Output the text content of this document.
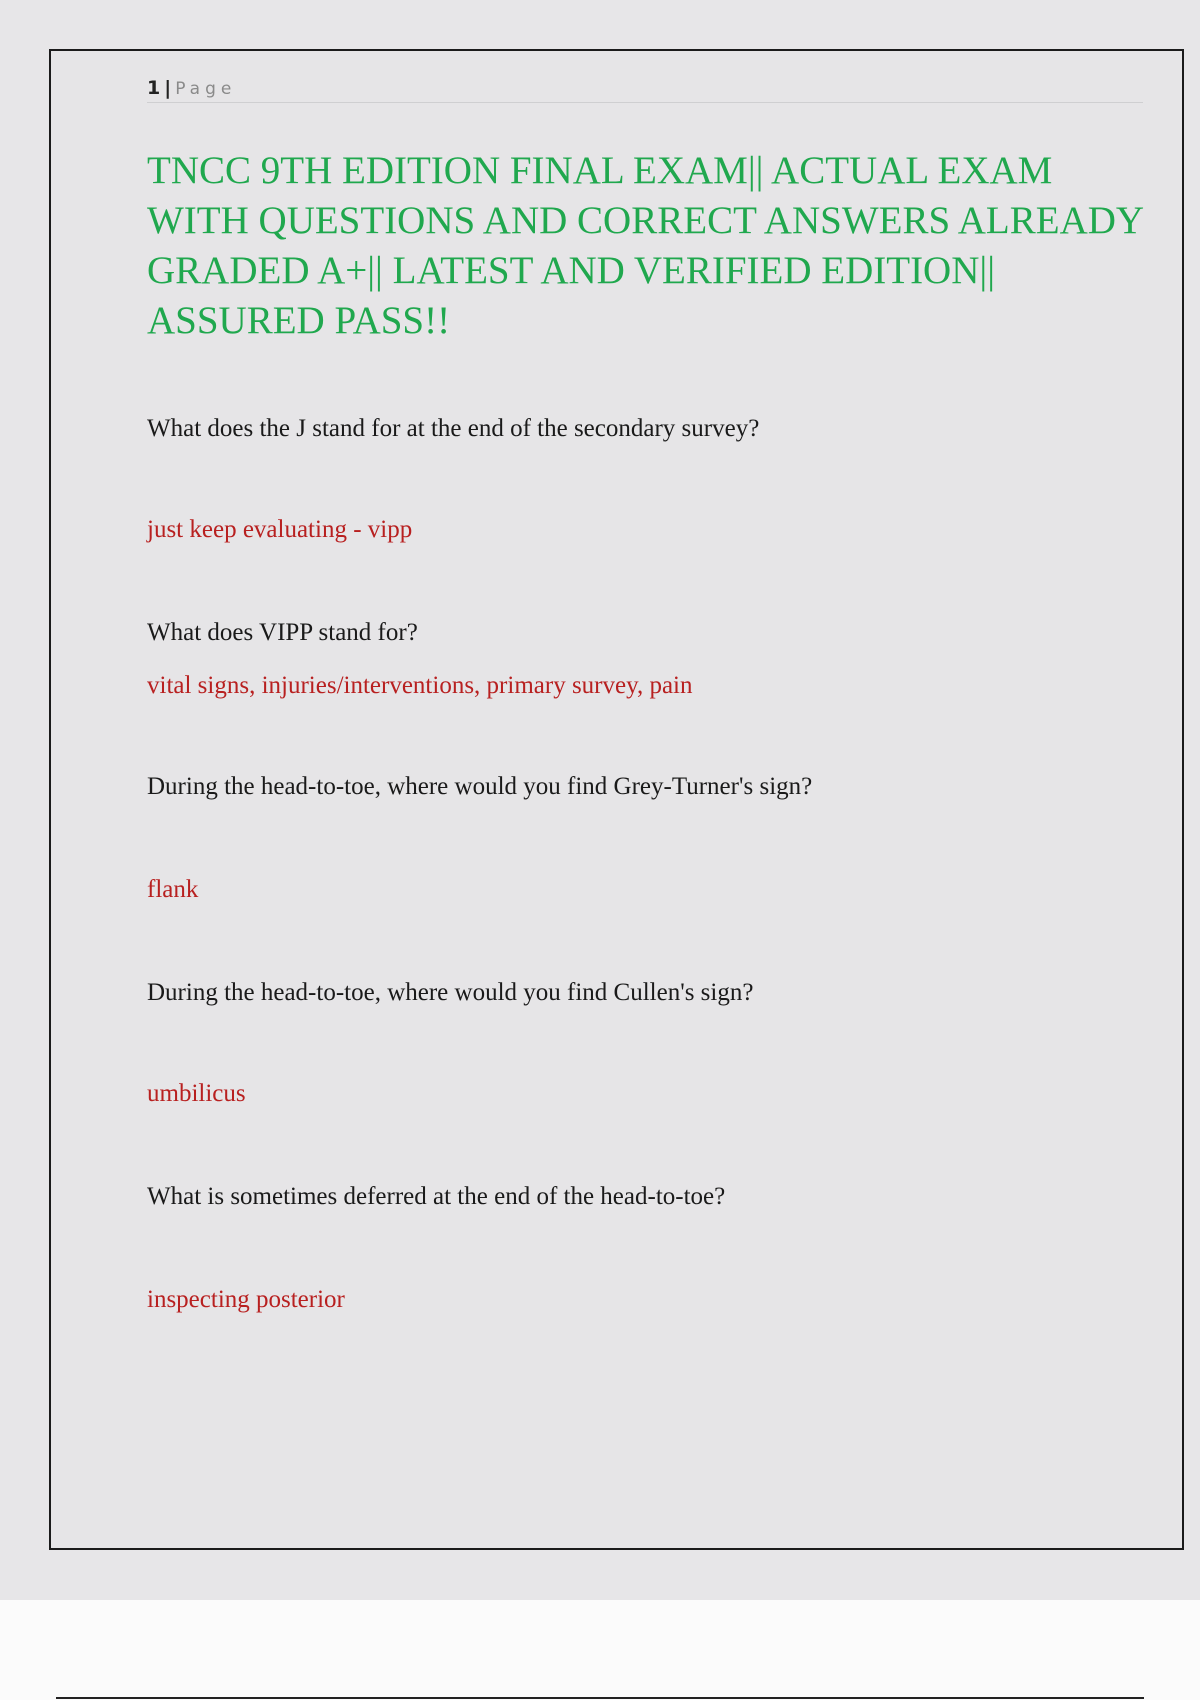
1 | Page
TNCC 9TH EDITION FINAL EXAM|| ACTUAL EXAM WITH QUESTIONS AND CORRECT ANSWERS ALREADY GRADED A+|| LATEST AND VERIFIED EDITION|| ASSURED PASS!!
What does the J stand for at the end of the secondary survey?
just keep evaluating - vipp
What does VIPP stand for?
vital signs, injuries/interventions, primary survey, pain
During the head-to-toe, where would you find Grey-Turner's sign?
flank
During the head-to-toe, where would you find Cullen's sign?
umbilicus
What is sometimes deferred at the end of the head-to-toe?
inspecting posterior
